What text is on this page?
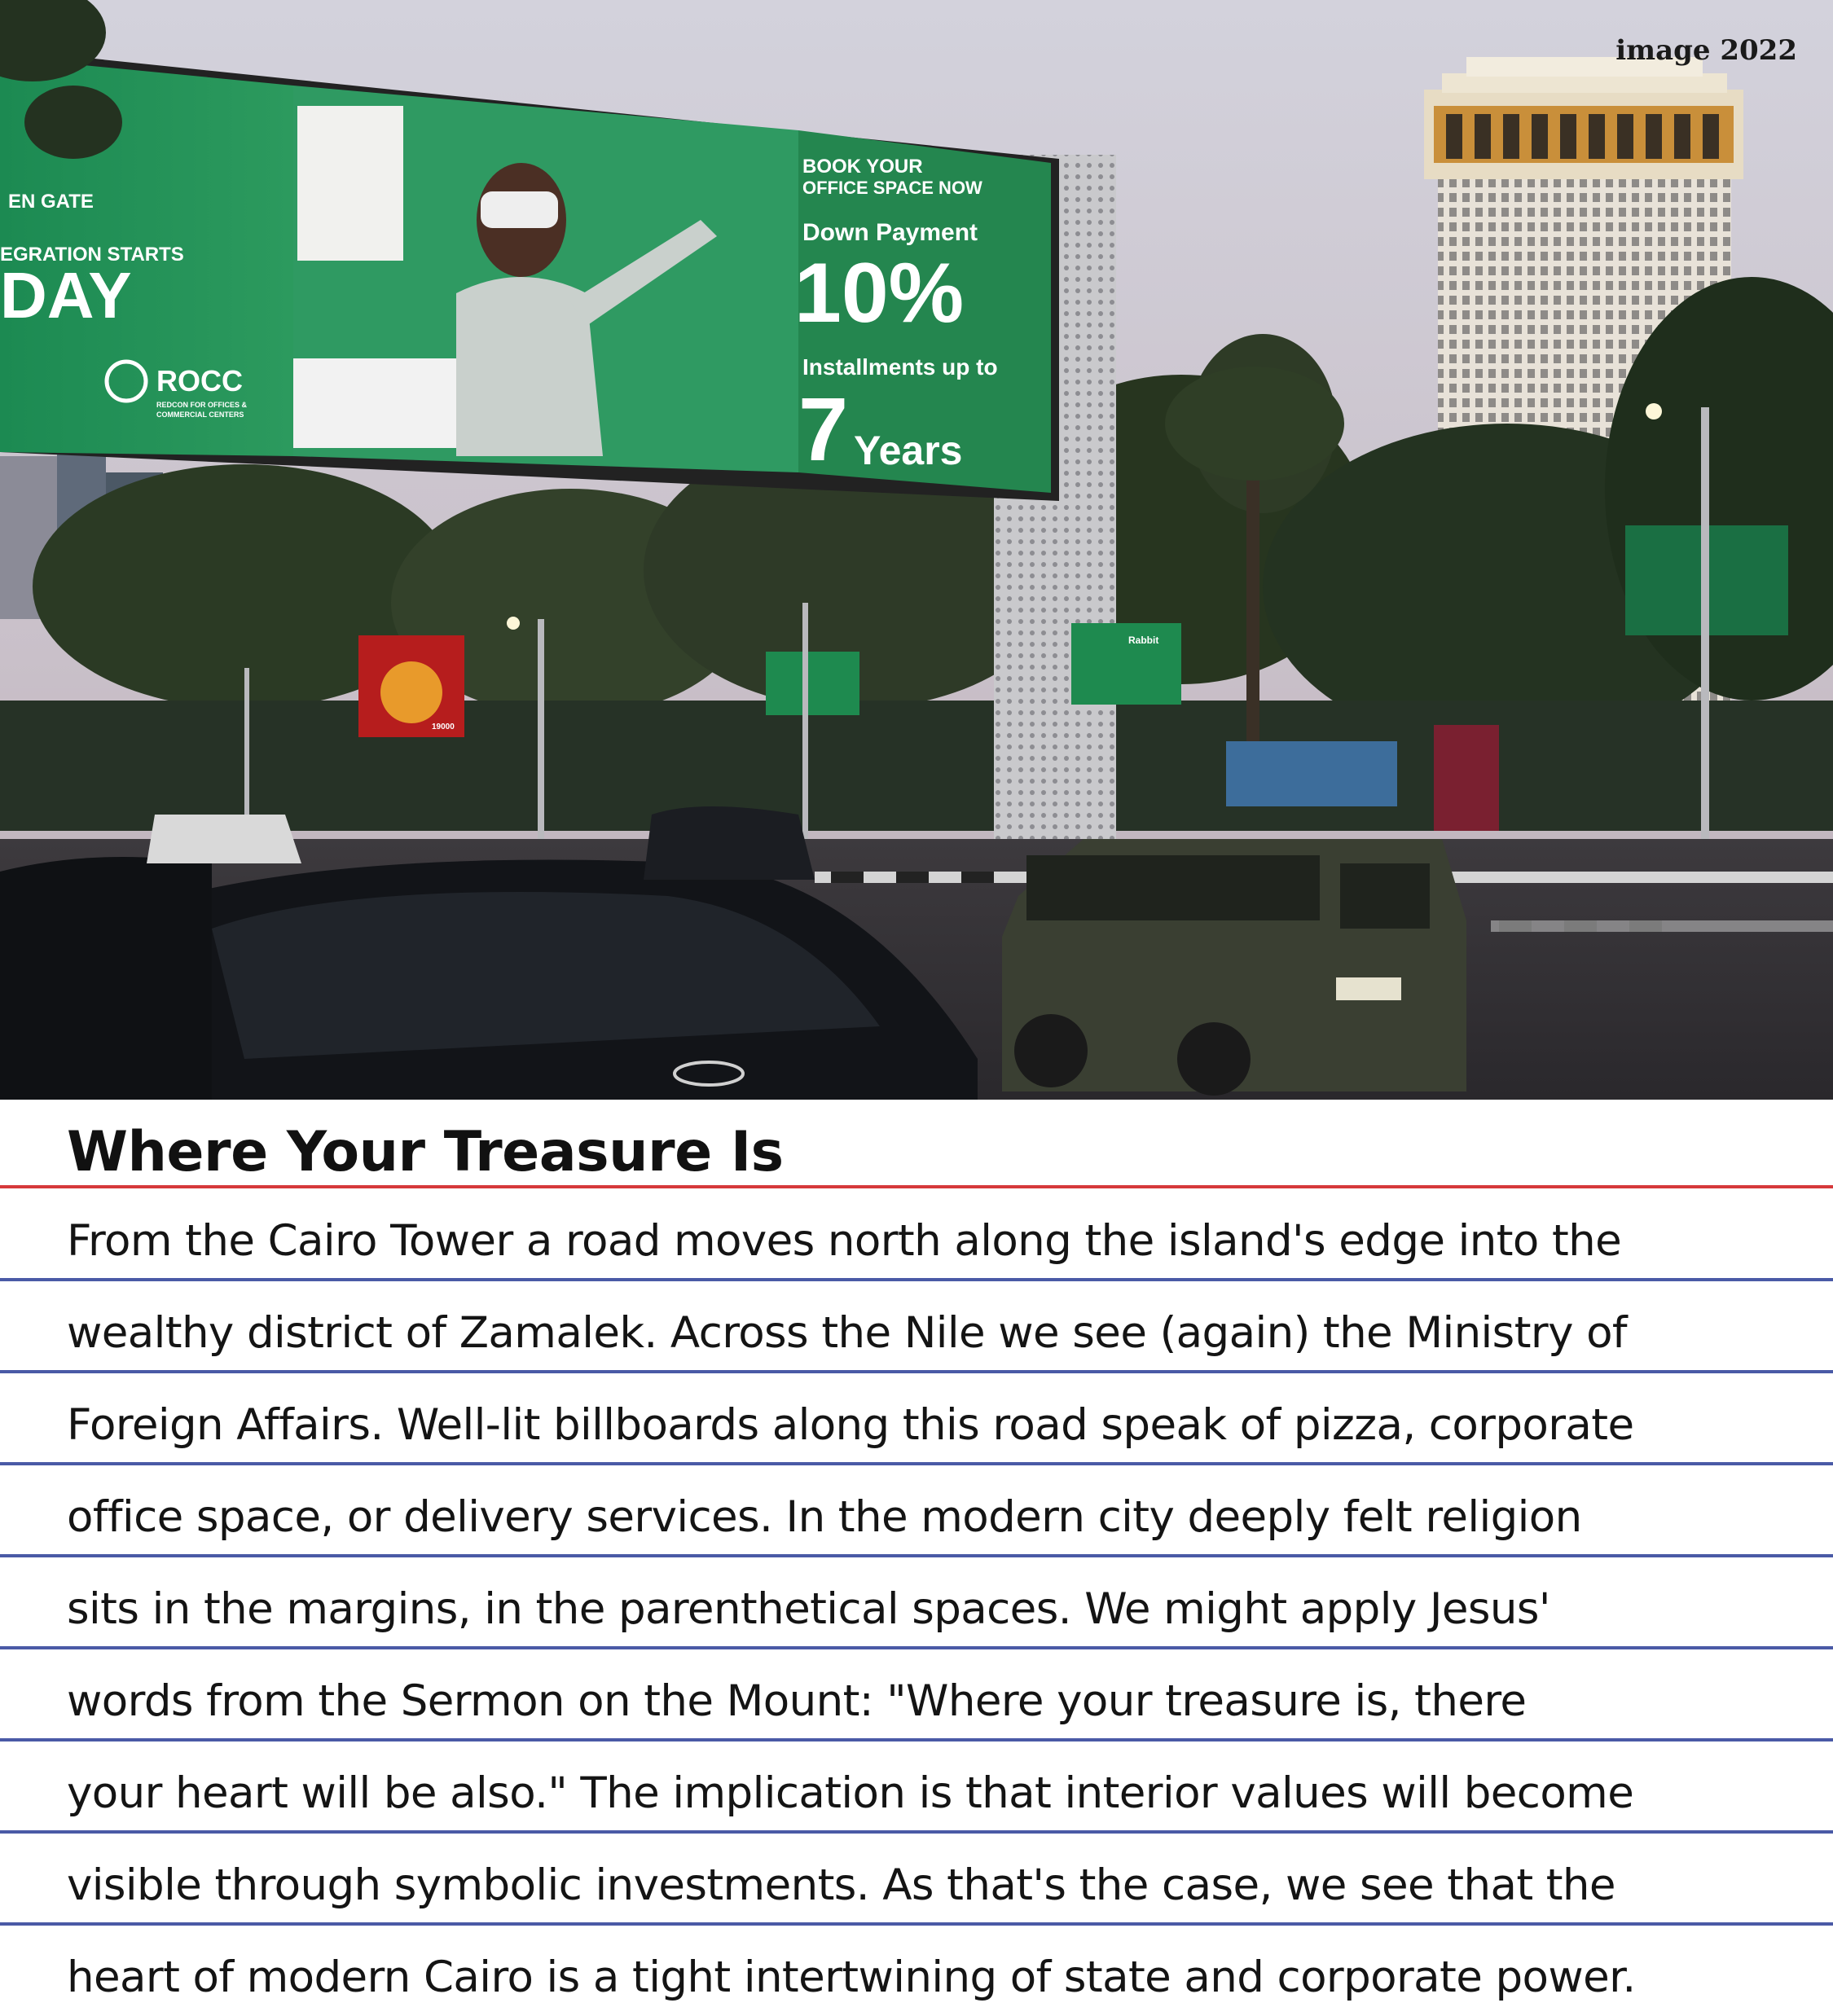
EN GATE
EGRATION STARTS
DAY
ROCC
REDCON FOR OFFICES &
COMMERCIAL CENTERS
BOOK YOUR
OFFICE SPACE NOW
Down Payment
10%
Installments up to
7 Years
19000
Rabbit
image 2022
Where Your Treasure Is
From the Cairo Tower a road moves north along the island's edge into the
wealthy district of Zamalek. Across the Nile we see (again) the Ministry of
Foreign Affairs. Well-lit billboards along this road speak of pizza, corporate
office space, or delivery services. In the modern city deeply felt religion
sits in the margins, in the parenthetical spaces. We might apply Jesus'
words from the Sermon on the Mount: "Where your treasure is, there
your heart will be also." The implication is that interior values will become
visible through symbolic investments. As that's the case, we see that the
heart of modern Cairo is a tight intertwining of state and corporate power.
